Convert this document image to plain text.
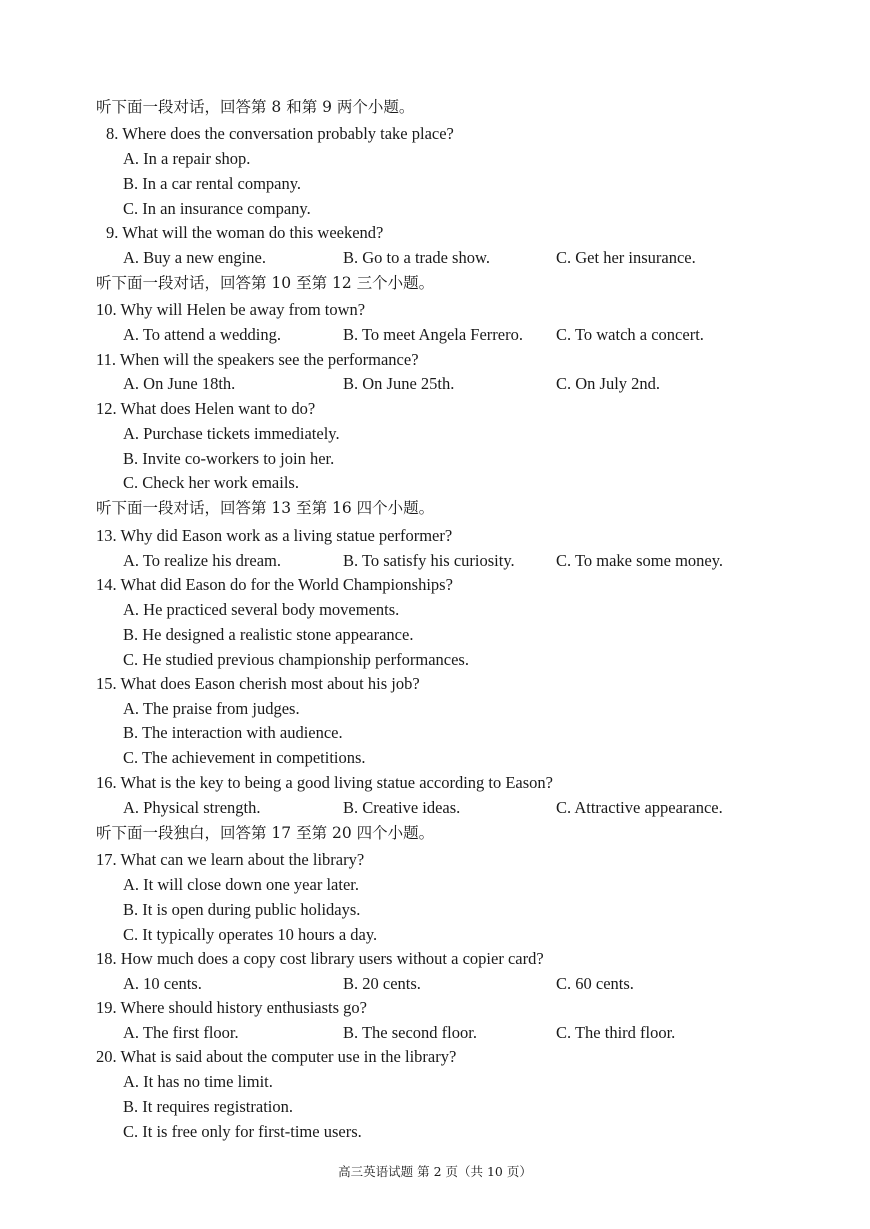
听下面一段对话，回答第 8 和第 9 两个小题。
8. Where does the conversation probably take place?
A. In a repair shop.
B. In a car rental company.
C. In an insurance company.
9. What will the woman do this weekend?
A. Buy a new engine.	B. Go to a trade show.	C. Get her insurance.
听下面一段对话，回答第 10 至第 12 三个小题。
10. Why will Helen be away from town?
A. To attend a wedding.	B. To meet Angela Ferrero. C. To watch a concert.
11. When will the speakers see the performance?
A. On June 18th.	B. On June 25th.	C. On July 2nd.
12. What does Helen want to do?
A. Purchase tickets immediately.
B. Invite co-workers to join her.
C. Check her work emails.
听下面一段对话，回答第 13 至第 16 四个小题。
13. Why did Eason work as a living statue performer?
A. To realize his dream.	B. To satisfy his curiosity.	C. To make some money.
14. What did Eason do for the World Championships?
A. He practiced several body movements.
B. He designed a realistic stone appearance.
C. He studied previous championship performances.
15. What does Eason cherish most about his job?
A. The praise from judges.
B. The interaction with audience.
C. The achievement in competitions.
16. What is the key to being a good living statue according to Eason?
A. Physical strength.	B. Creative ideas.	C. Attractive appearance.
听下面一段独白，回答第 17 至第 20 四个小题。
17. What can we learn about the library?
A. It will close down one year later.
B. It is open during public holidays.
C. It typically operates 10 hours a day.
18. How much does a copy cost library users without a copier card?
A. 10 cents.	B. 20 cents.	C. 60 cents.
19. Where should history enthusiasts go?
A. The first floor.	B. The second floor.	C. The third floor.
20. What is said about the computer use in the library?
A. It has no time limit.
B. It requires registration.
C. It is free only for first-time users.
高三英语试题 第 2 页（共 10 页）
